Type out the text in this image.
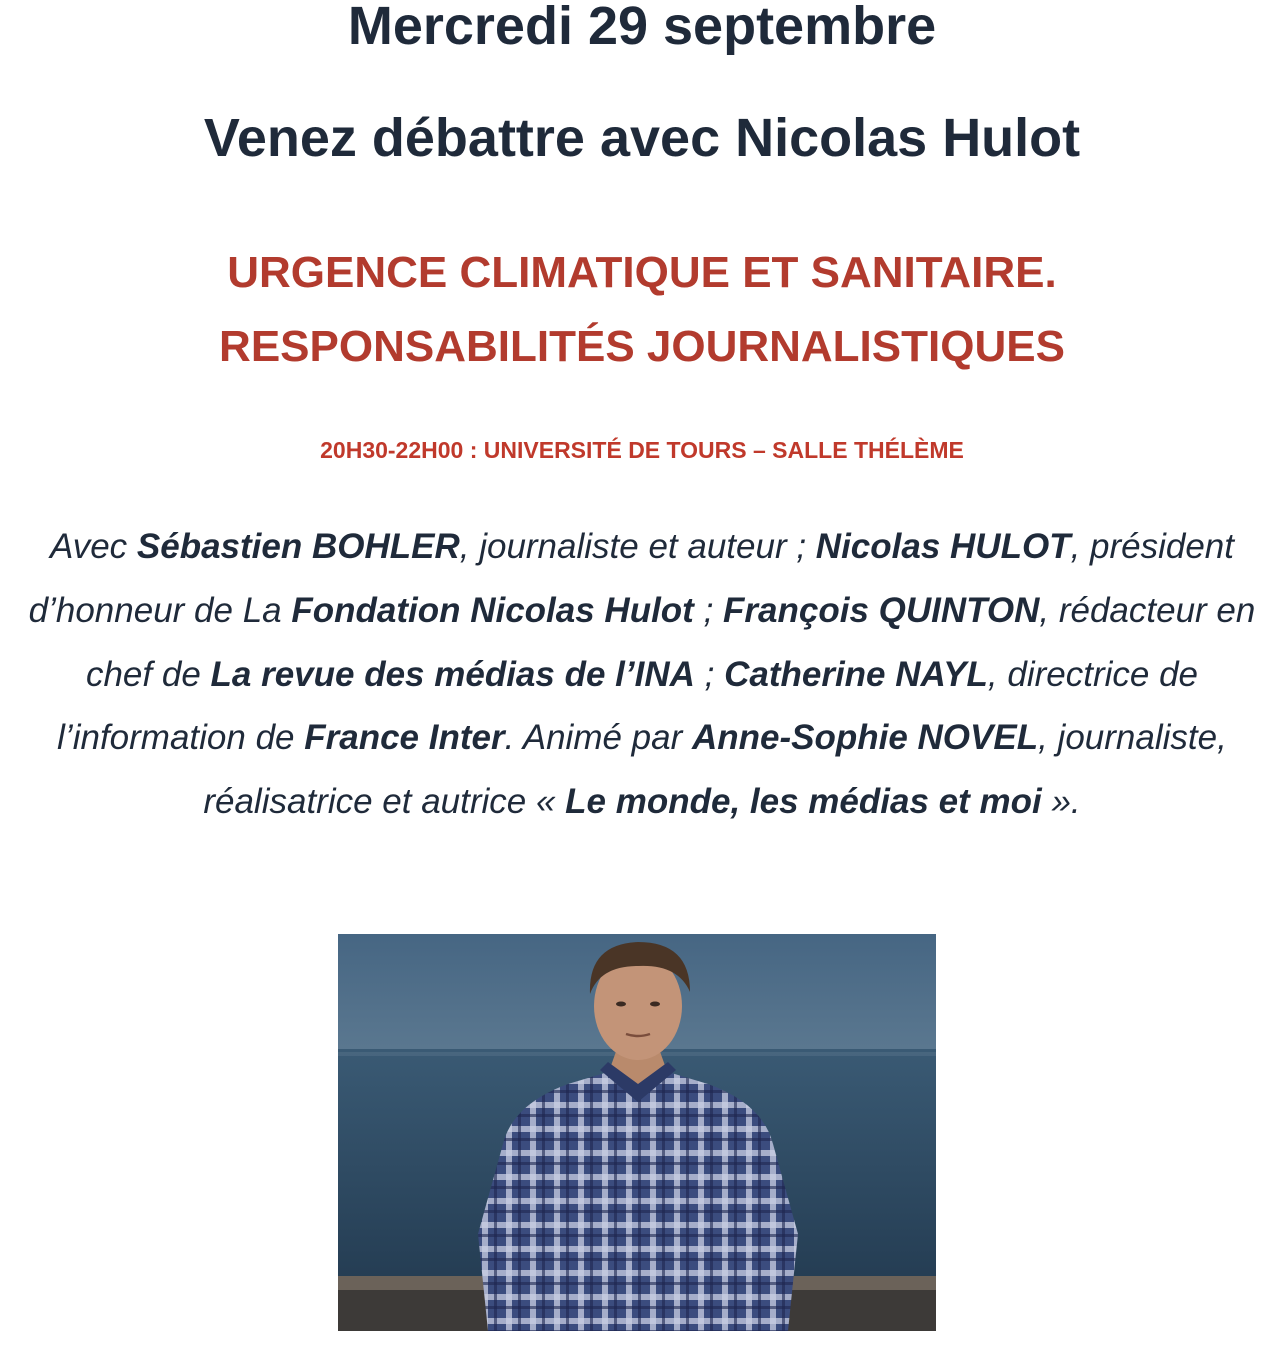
Mercredi 29 septembre
Venez débattre avec Nicolas Hulot
URGENCE CLIMATIQUE ET SANITAIRE.
RESPONSABILITÉS JOURNALISTIQUES

20H30-22H00 : UNIVERSITÉ DE TOURS – SALLE THÉLÈME

Avec Sébastien BOHLER, journaliste et auteur ; Nicolas HULOT, président d’honneur de La Fondation Nicolas Hulot ; François QUINTON, rédacteur en chef de La revue des médias de l’INA ; Catherine NAYL, directrice de l’information de France Inter. Animé par Anne-Sophie NOVEL, journaliste, réalisatrice et autrice « Le monde, les médias et moi ».
